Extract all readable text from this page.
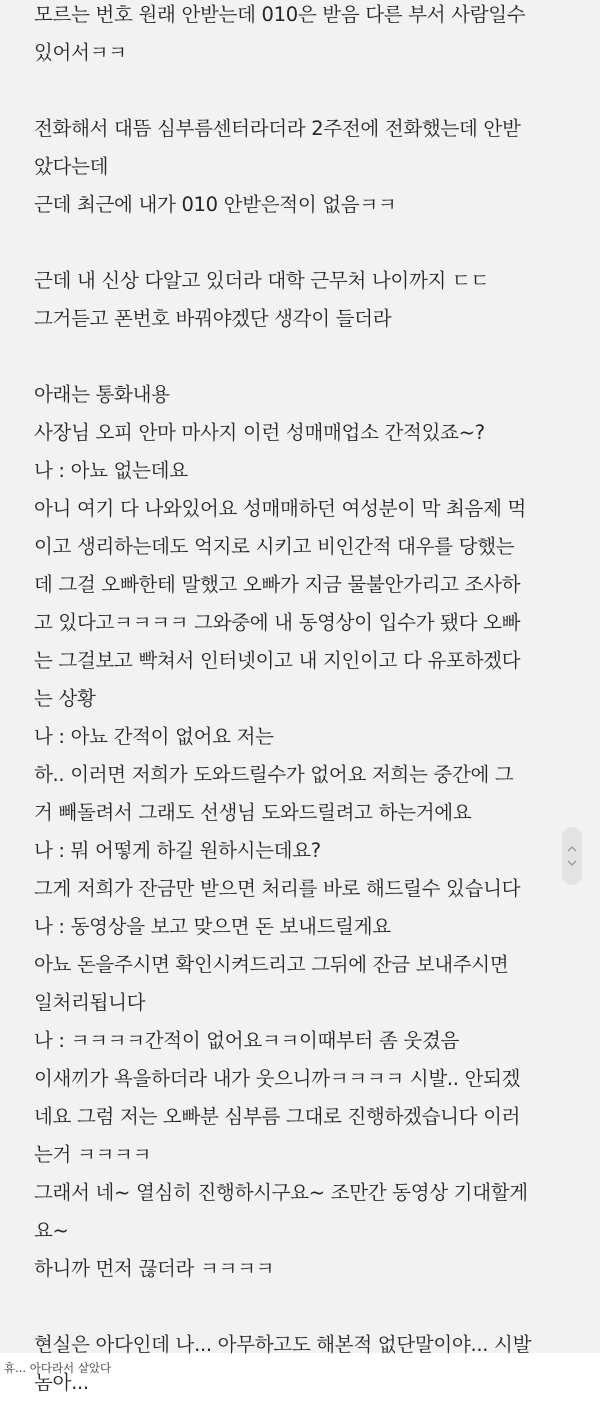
모르는 번호 원래 안받는데 010은 받음 다른 부서 사람일수
있어서ㅋㅋ
전화해서 대뜸 심부름센터라더라 2주전에 전화했는데 안받
았다는데
근데 최근에 내가 010 안받은적이 없음ㅋㅋ
근데 내 신상 다알고 있더라 대학 근무처 나이까지 ㄷㄷ
그거듣고 폰번호 바꿔야겠단 생각이 들더라
아래는 통화내용
사장님 오피 안마 마사지 이런 성매매업소 간적있죠~?
나 : 아뇨 없는데요
아니 여기 다 나와있어요 성매매하던 여성분이 막 최음제 먹
이고 생리하는데도 억지로 시키고 비인간적 대우를 당했는
데 그걸 오빠한테 말했고 오빠가 지금 물불안가리고 조사하
고 있다고ㅋㅋㅋㅋ 그와중에 내 동영상이 입수가 됐다 오빠
는 그걸보고 빡쳐서 인터넷이고 내 지인이고 다 유포하겠다
는 상황
나 : 아뇨 간적이 없어요 저는
하.. 이러면 저희가 도와드릴수가 없어요 저희는 중간에 그
거 빼돌려서 그래도 선생님 도와드릴려고 하는거에요
나 : 뭐 어떻게 하길 원하시는데요?
그게 저희가 잔금만 받으면 처리를 바로 해드릴수 있습니다
나 : 동영상을 보고 맞으면 돈 보내드릴게요
아뇨 돈을주시면 확인시켜드리고 그뒤에 잔금 보내주시면
일처리됩니다
나 : ㅋㅋㅋㅋ간적이 없어요ㅋㅋ이때부터 좀 웃겼음
이새끼가 욕을하더라 내가 웃으니까ㅋㅋㅋㅋ 시발.. 안되겠
네요 그럼 저는 오빠분 심부름 그대로 진행하겠습니다 이러
는거 ㅋㅋㅋㅋ
그래서 네~ 열심히 진행하시구요~ 조만간 동영상 기대할게
요~
하니까 먼저 끊더라 ㅋㅋㅋㅋ
현실은 아다인데 나... 아무하고도 해본적 없단말이야... 시발
놈아...
휴... 아다라서 살았다
